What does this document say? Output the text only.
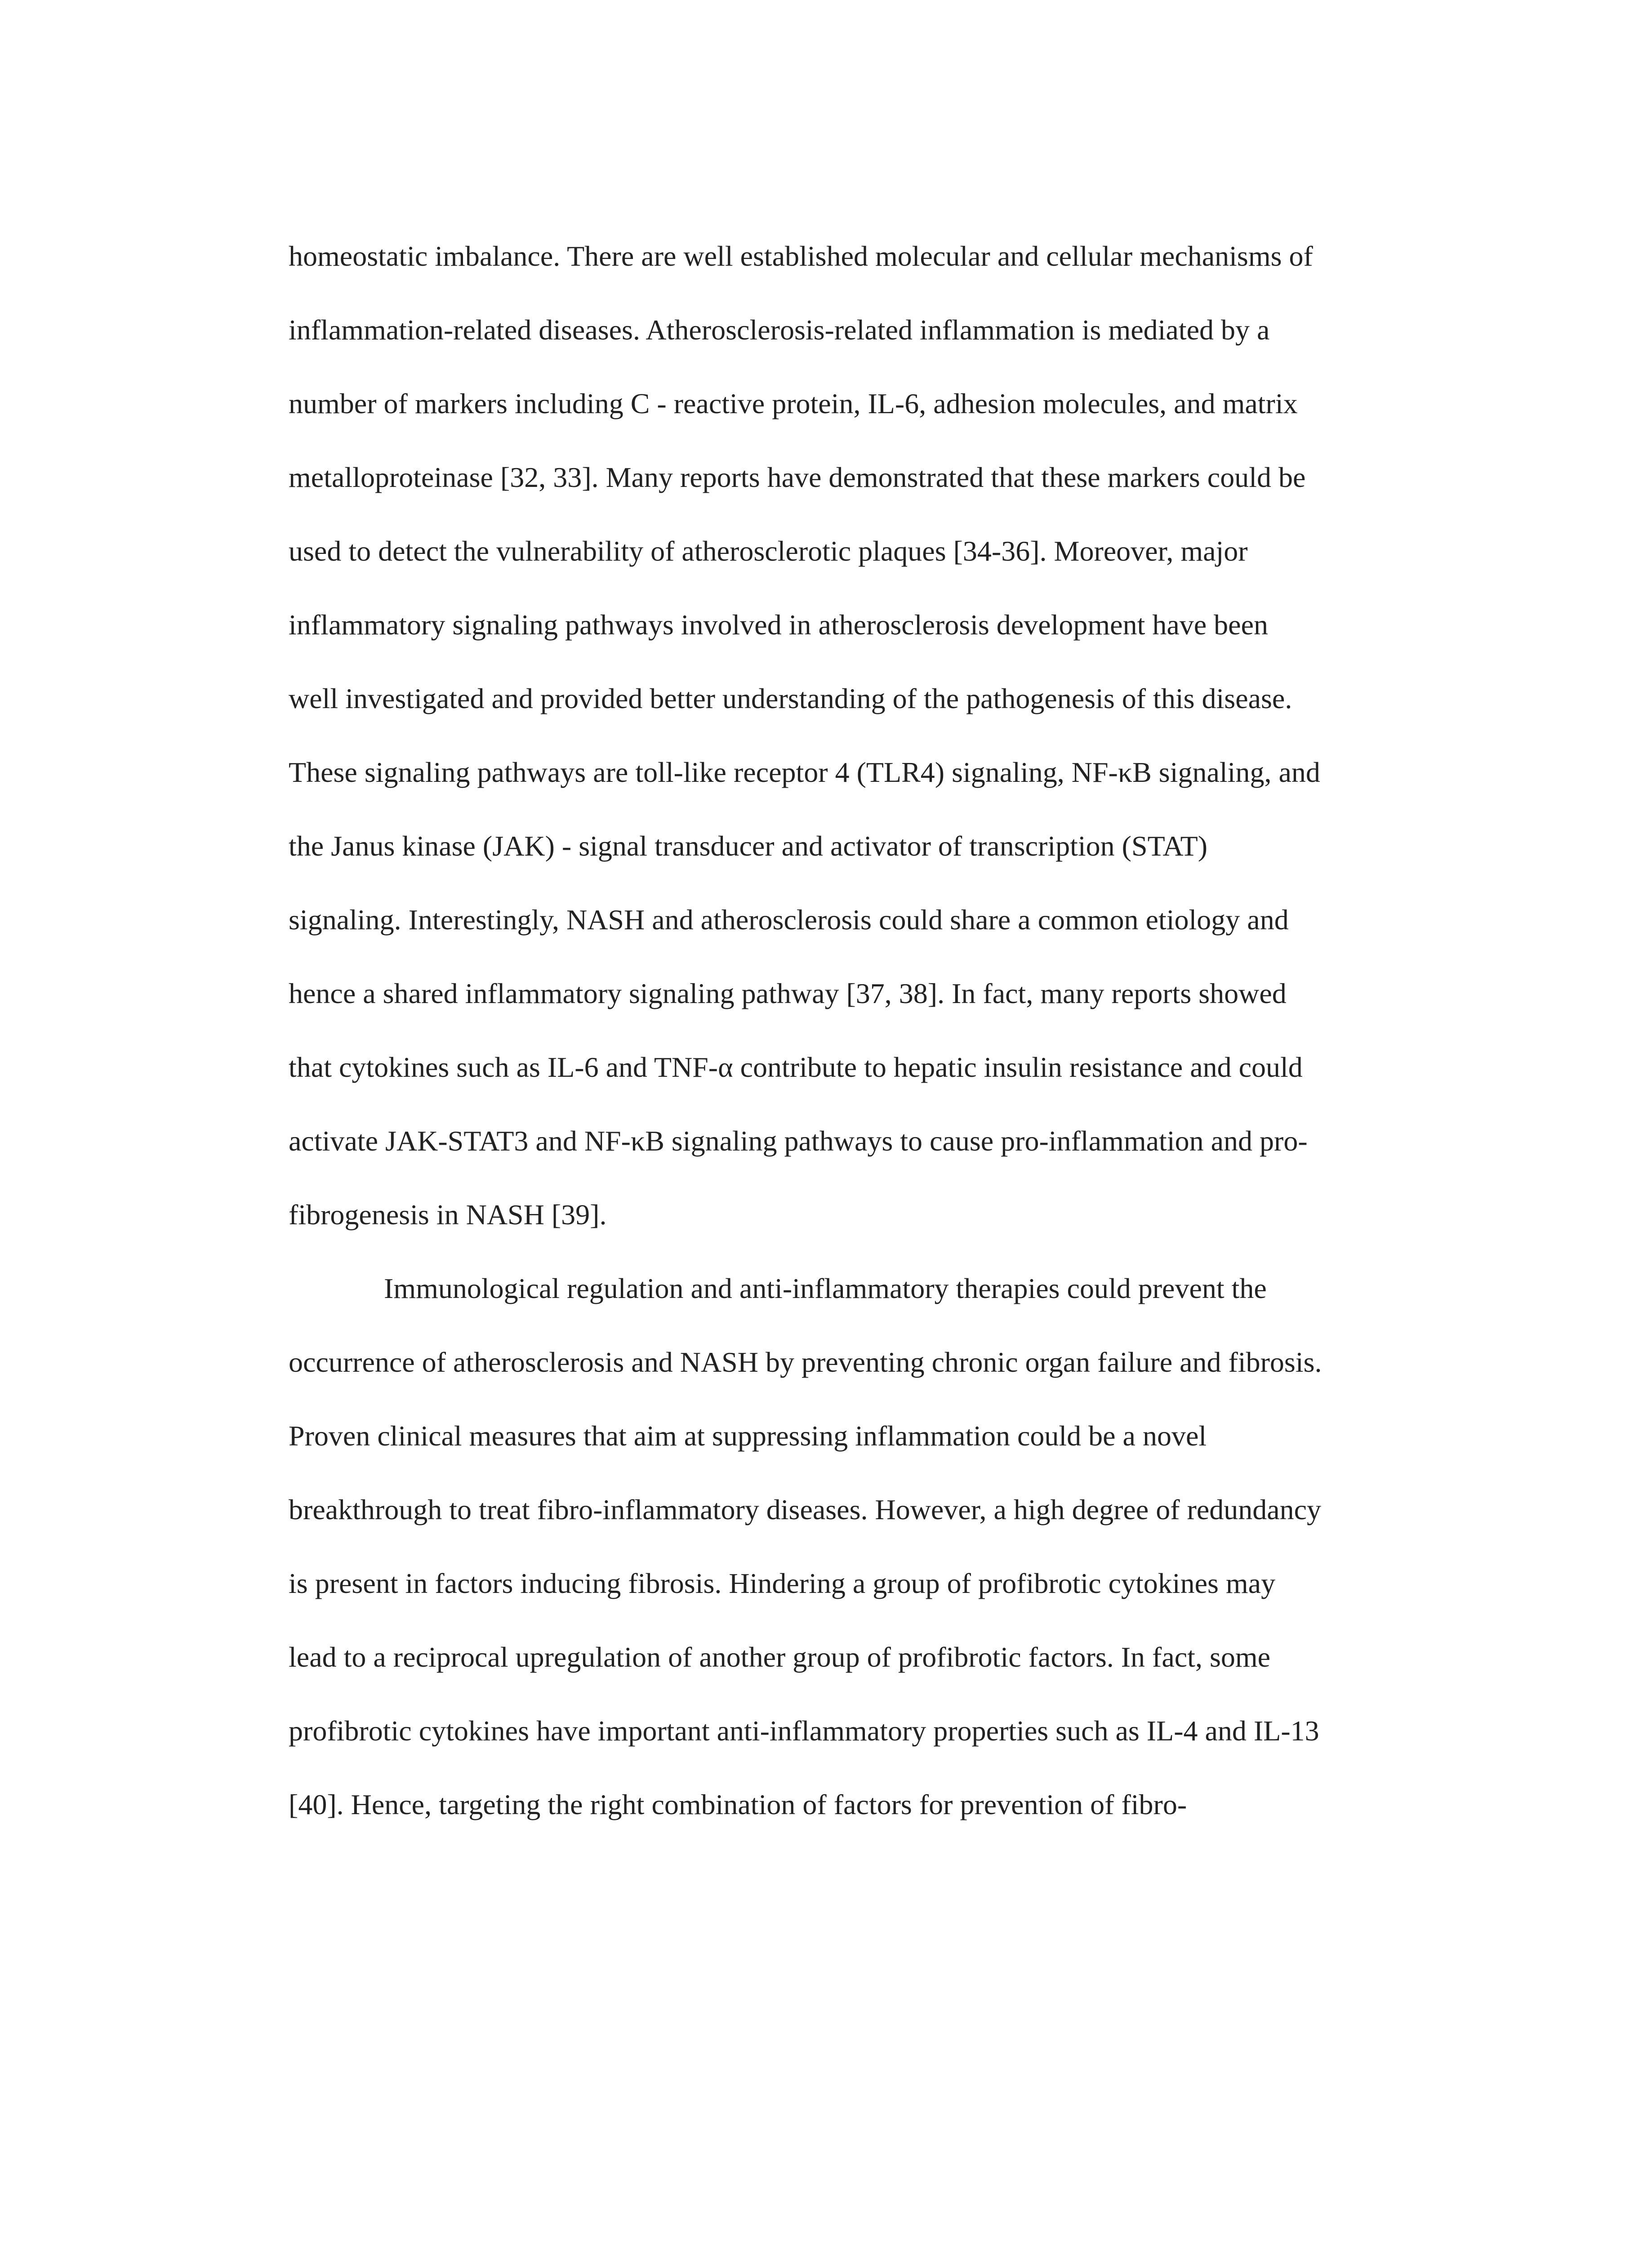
homeostatic imbalance. There are well established molecular and cellular mechanisms of
inflammation-related diseases. Atherosclerosis-related inflammation is mediated by a
number of markers including C - reactive protein, IL-6, adhesion molecules, and matrix
metalloproteinase [32, 33]. Many reports have demonstrated that these markers could be
used to detect the vulnerability of atherosclerotic plaques [34-36]. Moreover, major
inflammatory signaling pathways involved in atherosclerosis development have been
well investigated and provided better understanding of the pathogenesis of this disease.
These signaling pathways are toll-like receptor 4 (TLR4) signaling, NF-κB signaling, and
the Janus kinase (JAK) - signal transducer and activator of transcription (STAT)
signaling. Interestingly, NASH and atherosclerosis could share a common etiology and
hence a shared inflammatory signaling pathway [37, 38]. In fact, many reports showed
that cytokines such as IL-6 and TNF-α contribute to hepatic insulin resistance and could
activate JAK-STAT3 and NF-κB signaling pathways to cause pro-inflammation and pro-
fibrogenesis in NASH [39].
Immunological regulation and anti-inflammatory therapies could prevent the
occurrence of atherosclerosis and NASH by preventing chronic organ failure and fibrosis.
Proven clinical measures that aim at suppressing inflammation could be a novel
breakthrough to treat fibro-inflammatory diseases. However, a high degree of redundancy
is present in factors inducing fibrosis. Hindering a group of profibrotic cytokines may
lead to a reciprocal upregulation of another group of profibrotic factors. In fact, some
profibrotic cytokines have important anti-inflammatory properties such as IL-4 and IL-13
[40]. Hence, targeting the right combination of factors for prevention of fibro-
